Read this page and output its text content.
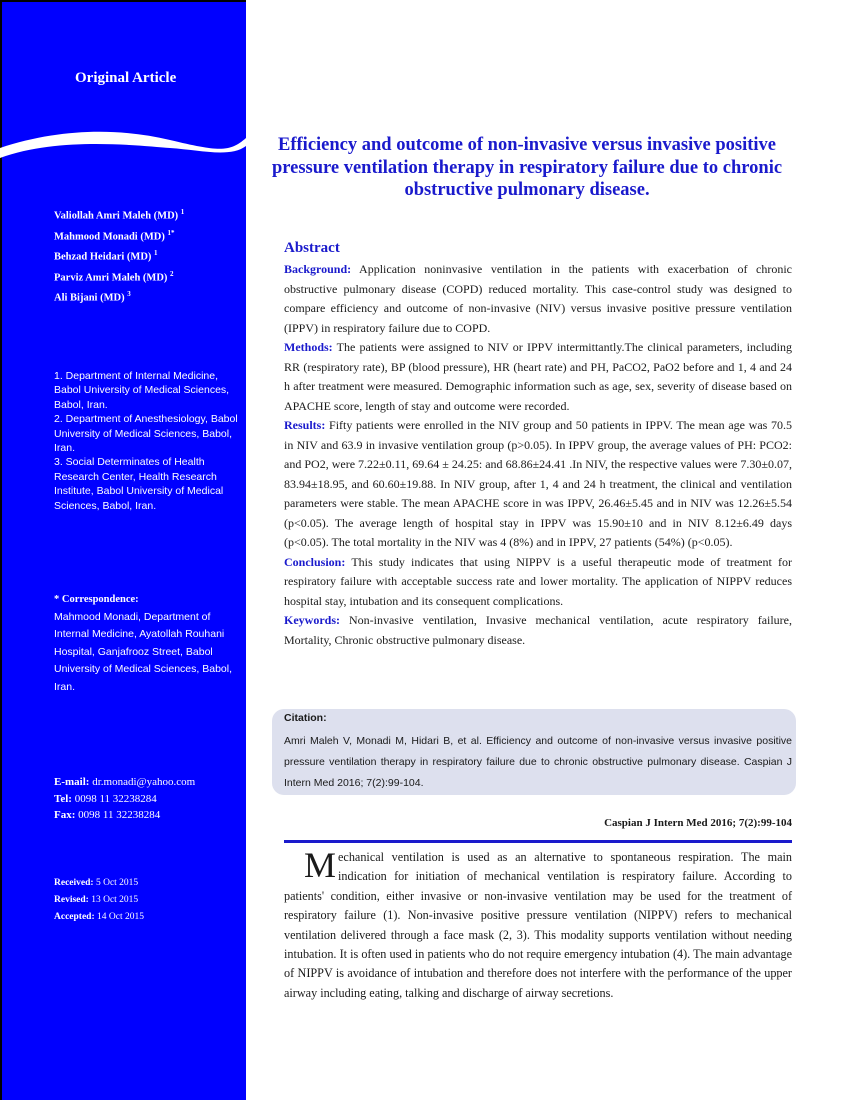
Original Article
Valiollah Amri Maleh (MD) $^1$
Mahmood Monadi (MD) $^{1*}$
Behzad Heidari (MD) $^1$
Parviz Amri Maleh (MD) $^2$
Ali Bijani (MD) $^3$
1. Department of Internal Medicine, Babol University of Medical Sciences, Babol, Iran.
2. Department of Anesthesiology, Babol University of Medical Sciences, Babol, Iran.
3. Social Determinates of Health Research Center, Health Research Institute, Babol University of Medical Sciences, Babol, Iran.
* Correspondence:
Mahmood Monadi, Department of Internal Medicine, Ayatollah Rouhani Hospital, Ganjafrooz Street, Babol University of Medical Sciences, Babol, Iran.
E-mail: dr.monadi@yahoo.com
Tel: 0098 11 32238284
Fax: 0098 11 32238284
Received: 5 Oct 2015
Revised: 13 Oct 2015
Accepted: 14 Oct 2015
Efficiency and outcome of non-invasive versus invasive positive pressure ventilation therapy in respiratory failure due to chronic obstructive pulmonary disease.
Abstract

Background: Application noninvasive ventilation in the patients with exacerbation of chronic obstructive pulmonary disease (COPD) reduced mortality. This case-control study was designed to compare efficiency and outcome of non-invasive (NIV) versus invasive positive pressure ventilation (IPPV) in respiratory failure due to COPD.

Methods: The patients were assigned to NIV or IPPV intermittantly.The clinical parameters, including RR (respiratory rate), BP (blood pressure), HR (heart rate) and PH, PaCO2, PaO2 before and 1, 4 and 24 h after treatment were measured. Demographic information such as age, sex, severity of disease based on APACHE score, length of stay and outcome were recorded.

Results: Fifty patients were enrolled in the NIV group and 50 patients in IPPV. The mean age was 70.5 in NIV and 63.9 in invasive ventilation group (p>0.05). In IPPV group, the average values of PH: PCO2: and PO2, were 7.22±0.11, 69.64 ± 24.25: and 68.86±24.41 .In NIV, the respective values were 7.30±0.07, 83.94±18.95, and 60.60±19.88. In NIV group, after 1, 4 and 24 h treatment, the clinical and ventilation parameters were stable. The mean APACHE score in was IPPV, 26.46±5.45 and in NIV was 12.26±5.54 (p<0.05). The average length of hospital stay in IPPV was 15.90±10 and in NIV 8.12±6.49 days (p<0.05). The total mortality in the NIV was 4 (8%) and in IPPV, 27 patients (54%) (p<0.05).

Conclusion: This study indicates that using NIPPV is a useful therapeutic mode of treatment for respiratory failure with acceptable success rate and lower mortality. The application of NIPPV reduces hospital stay, intubation and its consequent complications.

Keywords: Non-invasive ventilation, Invasive mechanical ventilation, acute respiratory failure, Mortality, Chronic obstructive pulmonary disease.

Citation:
Amri Maleh V, Monadi M, Hidari B, et al. Efficiency and outcome of non-invasive versus invasive positive pressure ventilation therapy in respiratory failure due to chronic obstructive pulmonary disease. Caspian J Intern Med 2016; 7(2):99-104.
Caspian J Intern Med 2016; 7(2):99-104
Mechanical ventilation is used as an alternative to spontaneous respiration. The main indication for initiation of mechanical ventilation is respiratory failure. According to patients' condition, either invasive or non-invasive ventilation may be used for the treatment of respiratory failure (1). Non-invasive positive pressure ventilation (NIPPV) refers to mechanical ventilation delivered through a face mask (2, 3). This modality supports ventilation without needing intubation. It is often used in patients who do not require emergency intubation (4). The main advantage of NIPPV is avoidance of intubation and therefore does not interfere with the performance of the upper airway including eating, talking and discharge of airway secretions.
